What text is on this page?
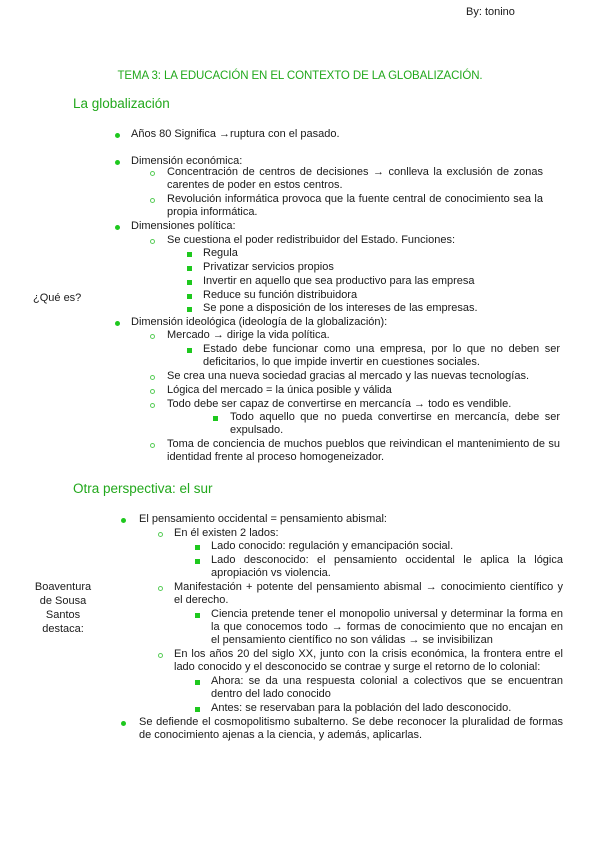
By: tonino
TEMA 3: LA EDUCACIÓN EN EL CONTEXTO DE LA GLOBALIZACIÓN.
La globalización
¿Qué es?
Años 80 Significa →ruptura con el pasado.
Dimensión económica:
Concentración de centros de decisiones → conlleva la exclusión de zonas carentes de poder en estos centros.
Revolución informática provoca que la fuente central de conocimiento sea la propia informática.
Dimensiones política:
Se cuestiona el poder redistribuidor del Estado. Funciones:
Regula
Privatizar servicios propios
Invertir en aquello que sea productivo para las empresa
Reduce su función distribuidora
Se pone a disposición de los intereses de las empresas.
Dimensión ideológica (ideología de la globalización):
Mercado → dirige la vida política.
Estado debe funcionar como una empresa, por lo que no deben ser deficitarios, lo que impide invertir en cuestiones sociales.
Se crea una nueva sociedad gracias al mercado y las nuevas tecnologías.
Lógica del mercado = la única posible y válida
Todo debe ser capaz de convertirse en mercancía → todo es vendible.
Todo aquello que no pueda convertirse en mercancía, debe ser expulsado.
Toma de conciencia de muchos pueblos que reivindican el mantenimiento de su identidad frente al proceso homogeneizador.
Otra perspectiva: el sur
Boaventura de Sousa Santos destaca:
El pensamiento occidental = pensamiento abismal:
En él existen 2 lados:
Lado conocido: regulación y emancipación social.
Lado desconocido: el pensamiento occidental le aplica la lógica apropiación vs violencia.
Manifestación + potente del pensamiento abismal → conocimiento científico y el derecho.
Ciencia pretende tener el monopolio universal y determinar la forma en la que conocemos todo → formas de conocimiento que no encajan en el pensamiento científico no son válidas → se invisibilizan
En los años 20 del siglo XX, junto con la crisis económica, la frontera entre el lado conocido y el desconocido se contrae y surge el retorno de lo colonial:
Ahora: se da una respuesta colonial a colectivos que se encuentran dentro del lado conocido
Antes: se reservaban para la población del lado desconocido.
Se defiende el cosmopolitismo subalterno. Se debe reconocer la pluralidad de formas de conocimiento ajenas a la ciencia, y además, aplicarlas.
